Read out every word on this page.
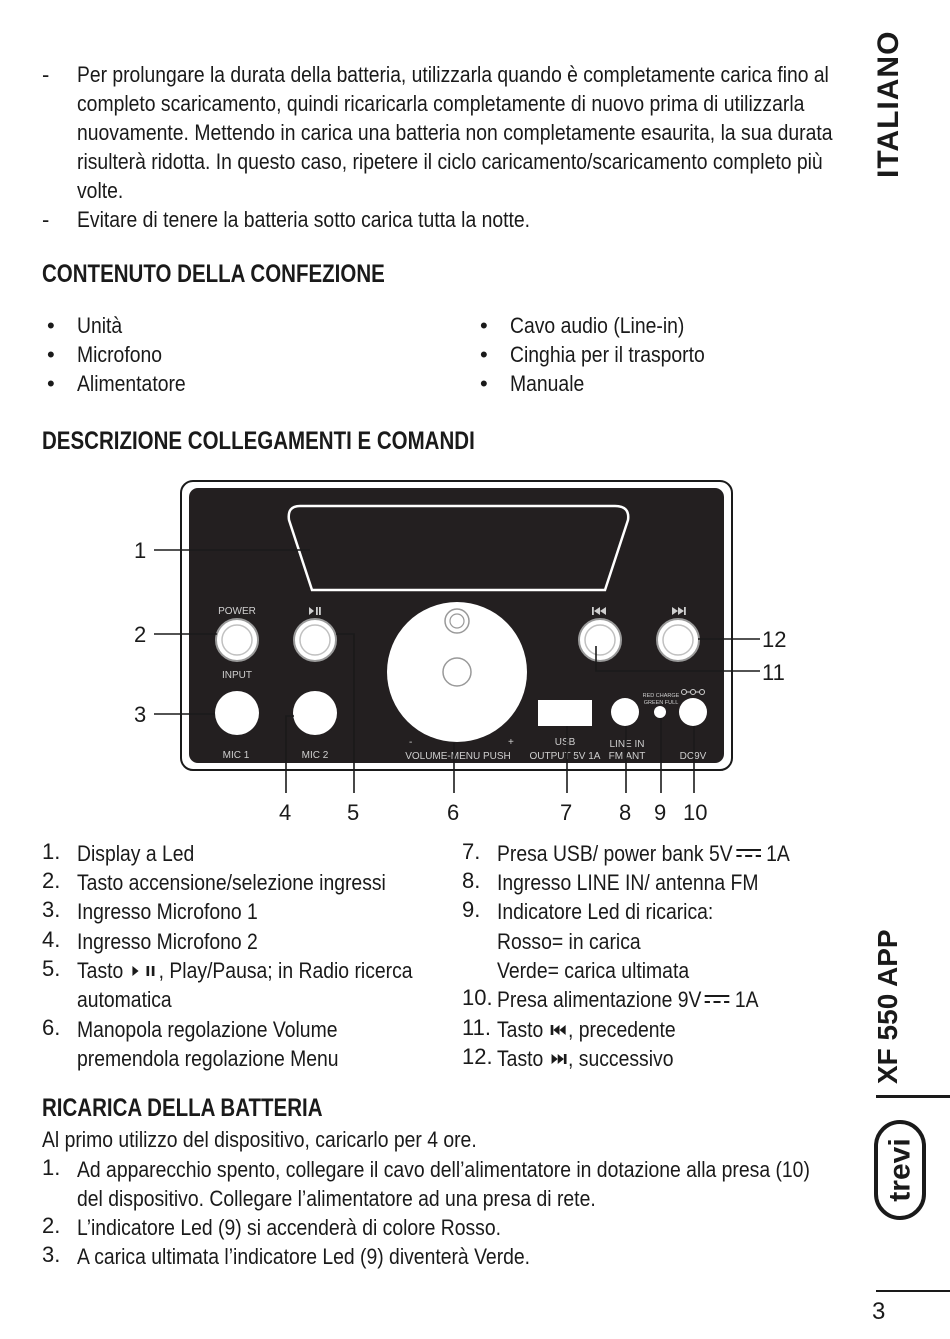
ITALIANO
XF 550 APP
trevi
- Per prolungare la durata della batteria, utilizzarla quando è completamente carica fino al
completo scaricamento, quindi ricaricarla completamente di nuovo prima di utilizzarla
nuovamente. Mettendo in carica una batteria non completamente esaurita, la sua durata
risulterà ridotta. In questo caso, ripetere il ciclo caricamento/scaricamento completo più
volte.
- Evitare di tenere la batteria sotto carica tutta la notte.
CONTENUTO DELLA CONFEZIONE
• Unità
• Microfono
• Alimentatore
• Cavo audio (Line-in)
• Cinghia per il trasporto
• Manuale
DESCRIZIONE COLLEGAMENTI E COMANDI
POWER
INPUT
MIC 1	MIC 2
-	+
VOLUME-MENU PUSH
USB
OUTPUT 5V 1A
LINE IN
FM ANT
RED CHARGE
GREEN FULL
DC9V
1
2
3
4	5	6	7 8 9 10
12
11
1. Display a Led
2. Tasto accensione/selezione ingressi
3. Ingresso Microfono 1
4. Ingresso Microfono 2
5. Tasto , Play/Pausa; in Radio ricerca
automatica
6. Manopola regolazione Volume
premendola regolazione Menu
7. Presa USB/ power bank 5V 1A
8. Ingresso LINE IN/ antenna FM
9. Indicatore Led di ricarica:
Rosso= in carica
Verde= carica ultimata
10. Presa alimentazione 9V 1A
11. Tasto , precedente
12. Tasto , successivo
RICARICA DELLA BATTERIA
Al primo utilizzo del dispositivo, caricarlo per 4 ore.
1. Ad apparecchio spento, collegare il cavo dell’alimentatore in dotazione alla presa (10)
del dispositivo. Collegare l’alimentatore ad una presa di rete.
2. L’indicatore Led (9) si accenderà di colore Rosso.
3. A carica ultimata l’indicatore Led (9) diventerà Verde.
3
